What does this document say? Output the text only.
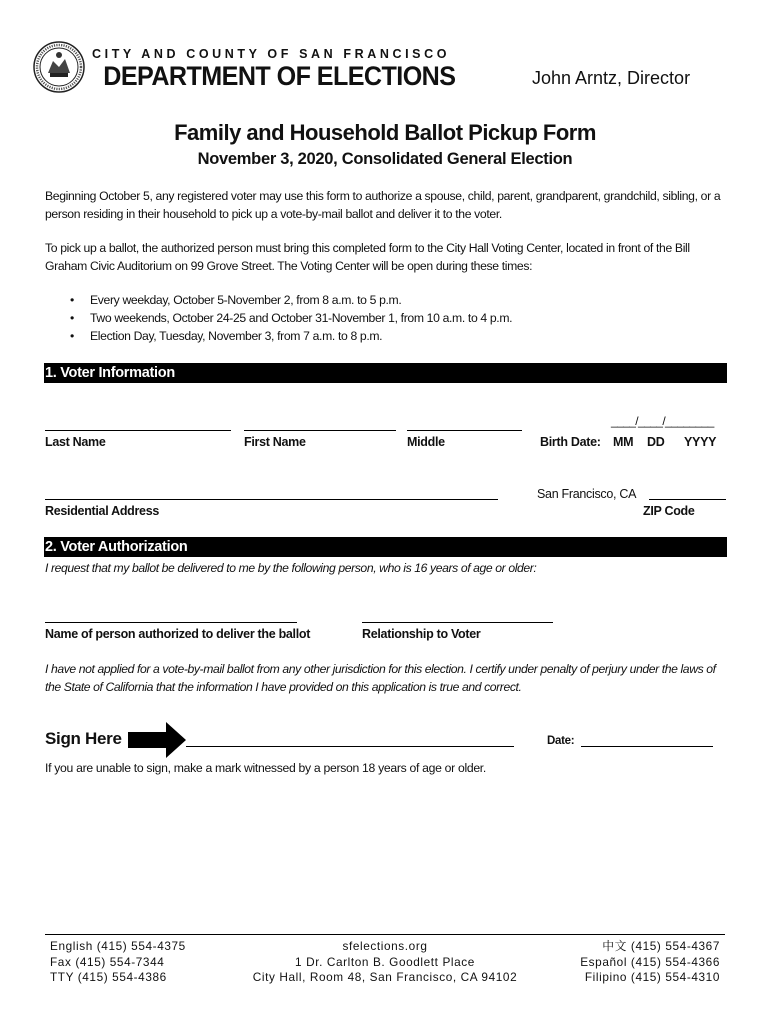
CITY AND COUNTY OF SAN FRANCISCO
DEPARTMENT OF ELECTIONS	John Arntz, Director
Family and Household Ballot Pickup Form
November 3, 2020, Consolidated General Election
Beginning October 5, any registered voter may use this form to authorize a spouse, child, parent, grandparent, grandchild, sibling, or a person residing in their household to pick up a vote-by-mail ballot and deliver it to the voter.
To pick up a ballot, the authorized person must bring this completed form to the City Hall Voting Center, located in front of the Bill Graham Civic Auditorium on 99 Grove Street. The Voting Center will be open during these times:
• Every weekday, October 5-November 2, from 8 a.m. to 5 p.m.
• Two weekends, October 24-25 and October 31-November 1, from 10 a.m. to 4 p.m.
• Election Day, Tuesday, November 3, from 7 a.m. to 8 p.m.
1. Voter Information
____/____/________
Last Name	First Name	Middle	Birth Date: MM DD YYYY
San Francisco, CA
Residential Address	ZIP Code
2. Voter Authorization
I request that my ballot be delivered to me by the following person, who is 16 years of age or older:
Name of person authorized to deliver the ballot	Relationship to Voter
I have not applied for a vote-by-mail ballot from any other jurisdiction for this election. I certify under penalty of perjury under the laws of the State of California that the information I have provided on this application is true and correct.
Sign Here	Date:
If you are unable to sign, make a mark witnessed by a person 18 years of age or older.
English (415) 554-4375
Fax (415) 554-7344
TTY (415) 554-4386
sfelections.org
1 Dr. Carlton B. Goodlett Place
City Hall, Room 48, San Francisco, CA 94102
中文 (415) 554-4367
Español (415) 554-4366
Filipino (415) 554-4310
